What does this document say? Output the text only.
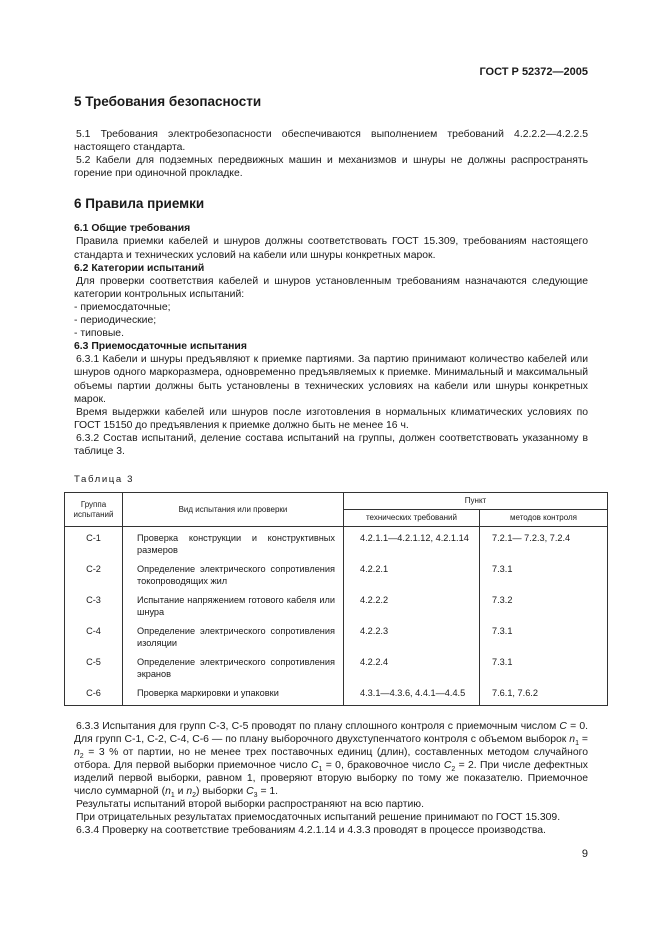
ГОСТ Р 52372—2005
5 Требования безопасности

5.1 Требования электробезопасности обеспечиваются выполнением требований 4.2.2.2—4.2.2.5 настоящего стандарта.

5.2 Кабели для подземных передвижных машин и механизмов и шнуры не должны распространять горение при одиночной прокладке.

6 Правила приемки
6.1 Общие требования

Правила приемки кабелей и шнуров должны соответствовать ГОСТ 15.309, требованиям настоящего стандарта и технических условий на кабели или шнуры конкретных марок.

6.2 Категории испытаний

Для проверки соответствия кабелей и шнуров установленным требованиям назначаются следующие категории контрольных испытаний:

- приемосдаточные;

- периодические;

- типовые.

6.3 Приемосдаточные испытания

6.3.1 Кабели и шнуры предъявляют к приемке партиями. За партию принимают количество кабелей или шнуров одного маркоразмера, одновременно предъявляемых к приемке. Минимальный и максимальный объемы партии должны быть установлены в технических условиях на кабели или шнуры конкретных марок.

Время выдержки кабелей или шнуров после изготовления в нормальных климатических условиях по ГОСТ 15150 до предъявления к приемке должно быть не менее 16 ч.

6.3.2 Состав испытаний, деление состава испытаний на группы, должен соответствовать указанному в таблице 3.

Таблица 3
Группа испытаний	Вид испытания или проверки	Пункт	
		технических требований	методов контроля
С-1	Проверка конструкции и конструктивных размеров	4.2.1.1—4.2.1.12, 4.2.1.14	7.2.1— 7.2.3, 7.2.4
С-2	Определение электрического сопротивления токопроводящих жил	4.2.2.1	7.3.1
С-3	Испытание напряжением готового кабеля или шнура	4.2.2.2	7.3.2
С-4	Определение электрического сопротивления изоляции	4.2.2.3	7.3.1
С-5	Определение электрического сопротивления экранов	4.2.2.4	7.3.1
С-6	Проверка маркировки и упаковки	4.3.1—4.3.6, 4.4.1—4.4.5	7.6.1, 7.6.2

6.3.3 Испытания для групп С-3, С-5 проводят по плану сплошного контроля с приемочным числом С = 0. Для групп С-1, С-2, С-4, С-6 — по плану выборочного двухступенчатого контроля с объемом выборок $n_1 = n_2 = 3$ % от партии, но не менее трех поставочных единиц (длин), составленных методом случайного отбора. Для первой выборки приемочное число $С_1 = 0$, браковочное число $С_2 = 2$. При числе дефектных изделий первой выборки, равном 1, проверяют вторую выборку по тому же показателю. Приемочное число суммарной ($n_1$ и $n_2$) выборки $С_3 = 1$.

Результаты испытаний второй выборки распространяют на всю партию.

При отрицательных результатах приемосдаточных испытаний решение принимают по ГОСТ 15.309.

6.3.4 Проверку на соответствие требованиям 4.2.1.14 и 4.3.3 проводят в процессе производства.

9
